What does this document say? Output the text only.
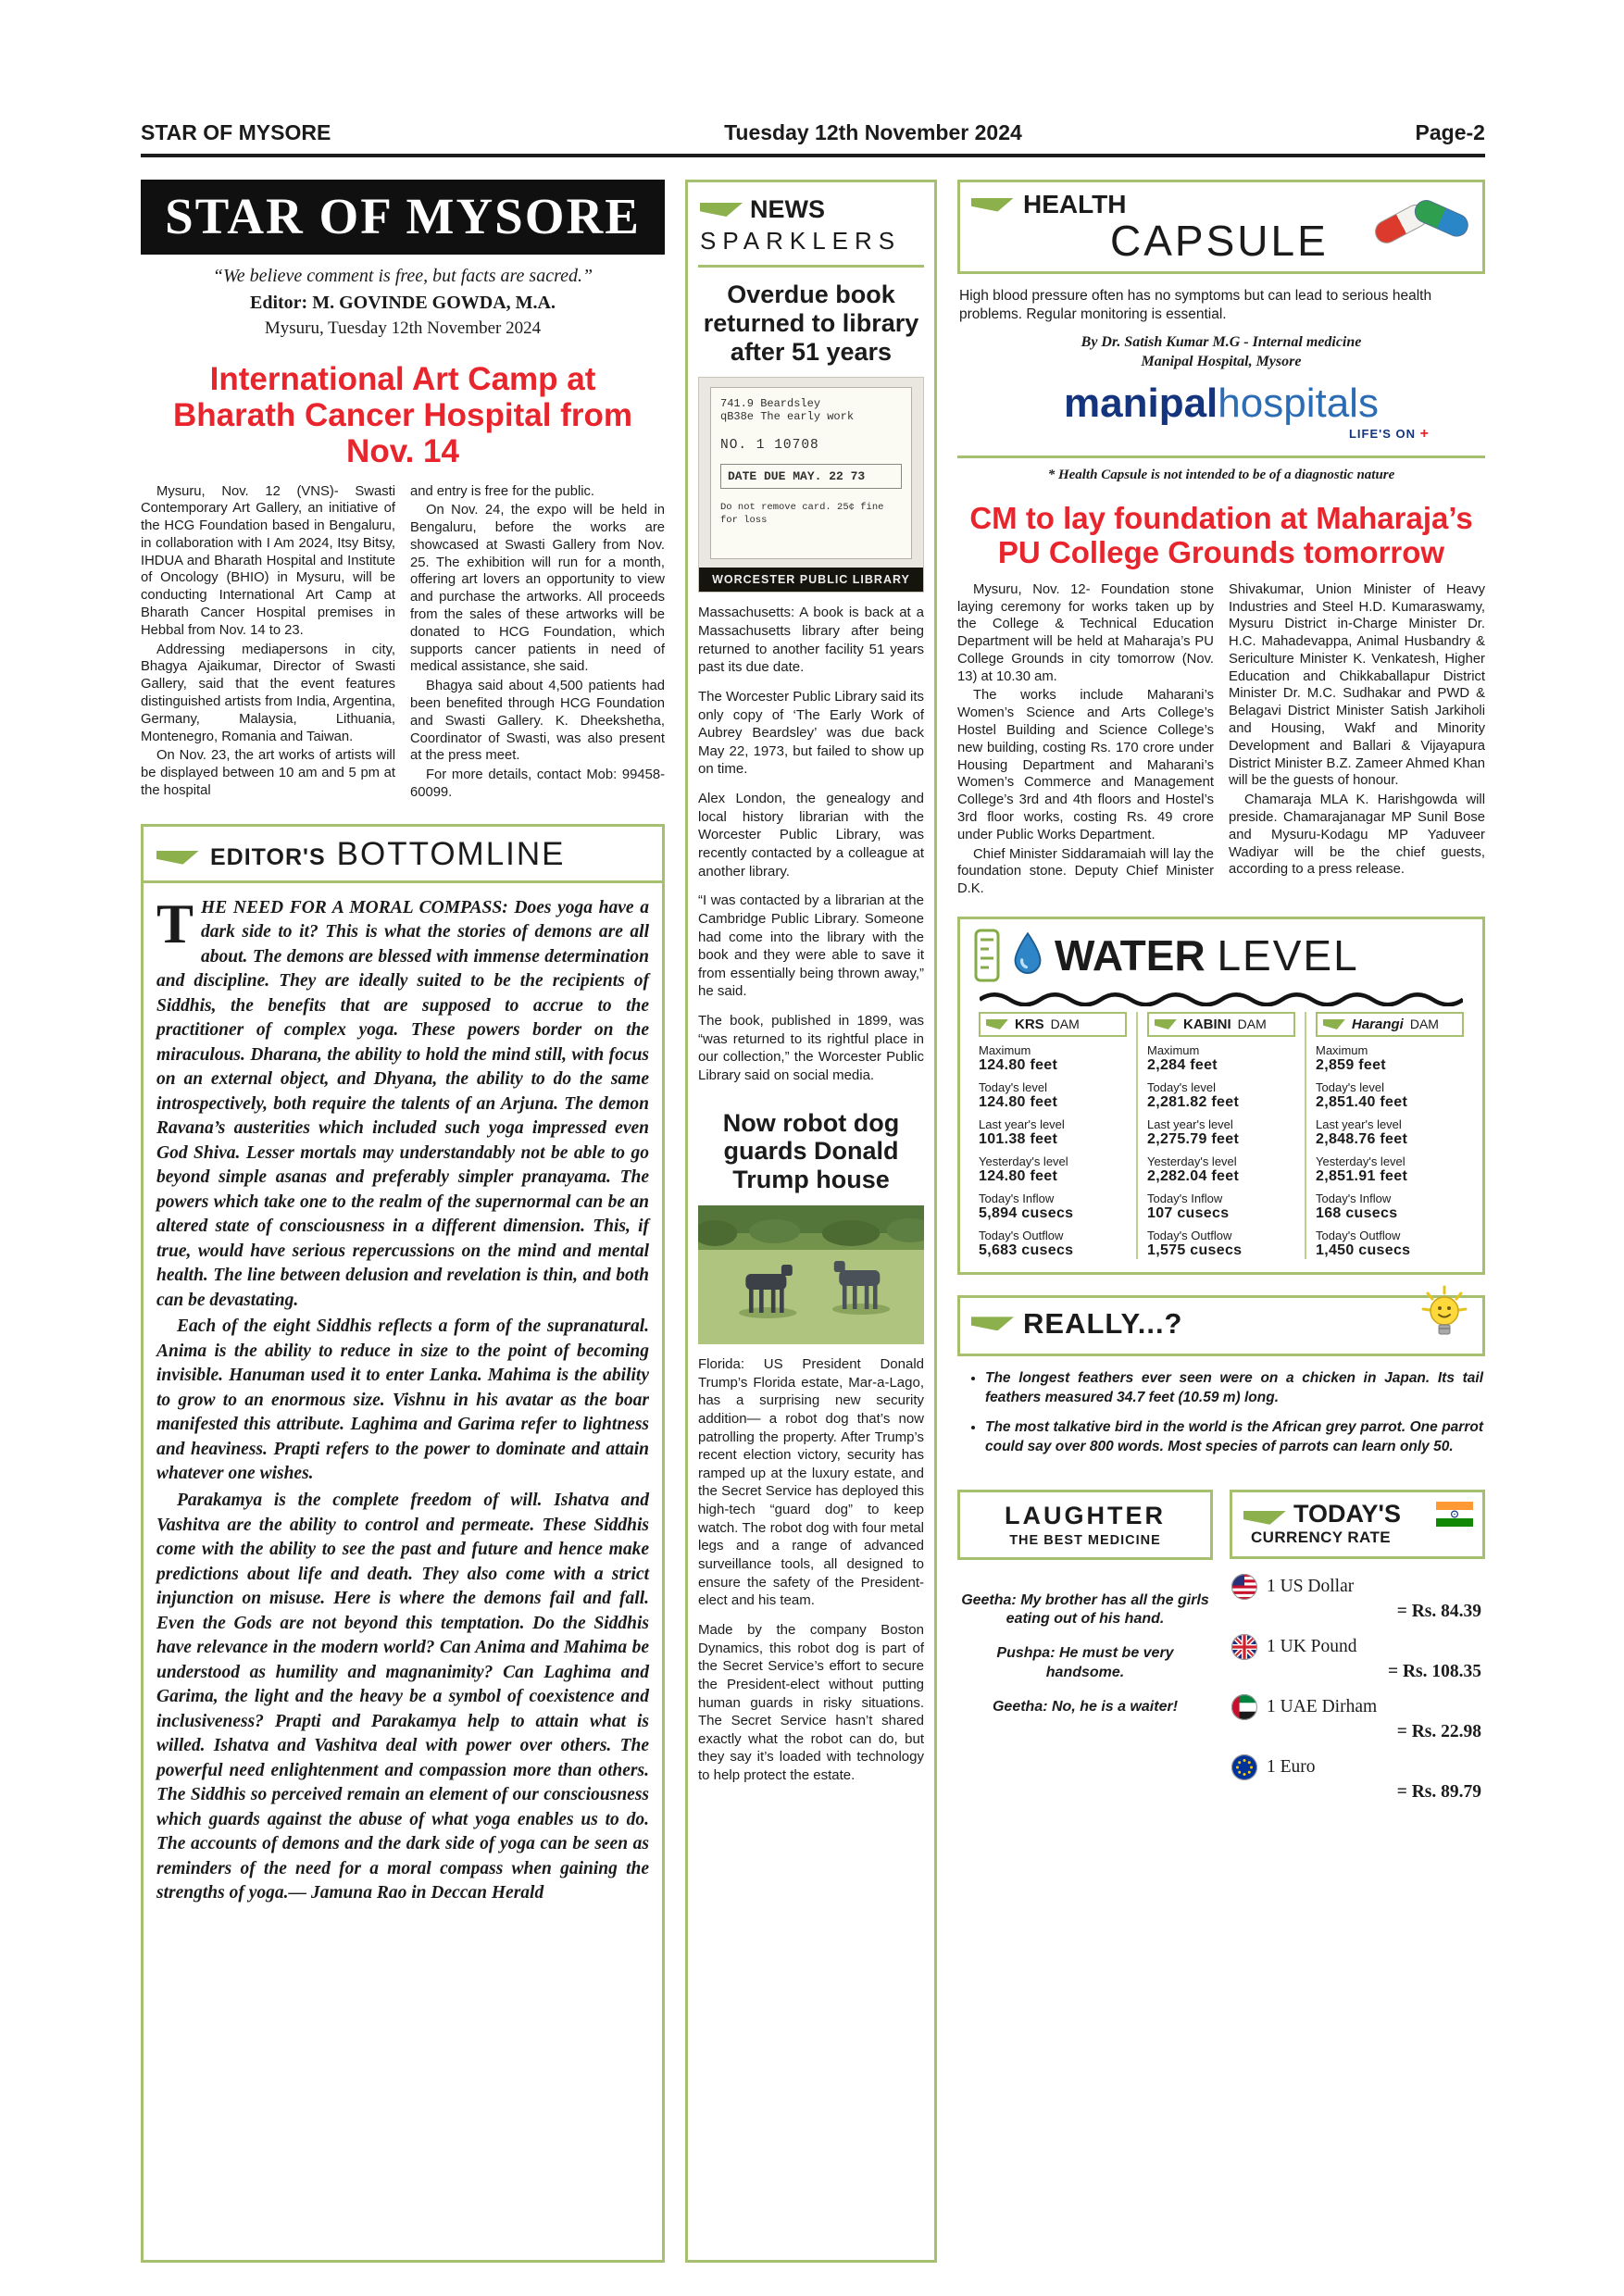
STAR OF MYSORE	Tuesday 12th November 2024	Page-2
STAR OF MYSORE
“We believe comment is free, but facts are sacred.”
Editor: M. GOVINDE GOWDA, M.A.
Mysuru, Tuesday 12th November 2024
International Art Camp at Bharath Cancer Hospital from Nov. 14

Mysuru, Nov. 12 (VNS)- Swasti Contemporary Art Gallery, an initiative of the HCG Foundation based in Bengaluru, in collaboration with I Am 2024, Itsy Bitsy, IHDUA and Bharath Hospital and Institute of Oncology (BHIO) in Mysuru, will be conducting International Art Camp at Bharath Cancer Hospital premises in Hebbal from Nov. 14 to 23.

Addressing mediapersons in city, Bhagya Ajaikumar, Director of Swasti Gallery, said that the event features distinguished artists from India, Argentina, Germany, Malaysia, Lithuania, Montenegro, Romania and Taiwan.

On Nov. 23, the art works of artists will be displayed between 10 am and 5 pm at the hospital

and entry is free for the public.

On Nov. 24, the expo will be held in Bengaluru, before the works are showcased at Swasti Gallery from Nov. 25. The exhibition will run for a month, offering art lovers an opportunity to view and purchase the artworks. All proceeds from the sales of these artworks will be donated to HCG Foundation, which supports cancer patients in need of medical assistance, she said.

Bhagya said about 4,500 patients had been benefited through HCG Foundation and Swasti Gallery. K. Dheekshetha, Coordinator of Swasti, was also present at the press meet.

For more details, contact Mob: 99458-60099.

EDITOR'S BOTTOMLINE

THE NEED FOR A MORAL COMPASS: Does yoga have a dark side to it? This is what the stories of demons are all about. The demons are blessed with immense determination and discipline. They are ideally suited to be the recipients of Siddhis, the benefits that are supposed to accrue to the practitioner of complex yoga. These powers border on the miraculous. Dharana, the ability to hold the mind still, with focus on an external object, and Dhyana, the ability to do the same introspectively, both require the talents of an Arjuna. The demon Ravana’s austerities which included such yoga impressed even God Shiva. Lesser mortals may understandably not be able to go beyond simple asanas and preferably simpler pranayama. The powers which take one to the realm of the supernormal can be an altered state of consciousness in a different dimension. This, if true, would have serious repercussions on the mind and mental health. The line between delusion and revelation is thin, and both can be devastating.

Each of the eight Siddhis reflects a form of the supranatural. Anima is the ability to reduce in size to the point of becoming invisible. Hanuman used it to enter Lanka. Mahima is the ability to grow to an enormous size. Vishnu in his avatar as the boar manifested this attribute. Laghima and Garima refer to lightness and heaviness. Prapti refers to the power to dominate and attain whatever one wishes.

Parakamya is the complete freedom of will. Ishatva and Vashitva are the ability to control and permeate. These Siddhis come with the ability to see the past and future and hence make predictions about life and death. They also come with a strict injunction on misuse. Here is where the demons fail and fall. Even the Gods are not beyond this temptation. Do the Siddhis have relevance in the modern world? Can Anima and Mahima be understood as humility and magnanimity? Can Laghima and Garima, the light and the heavy be a symbol of coexistence and inclusiveness? Prapti and Parakamya help to attain what is willed. Ishatva and Vashitva deal with power over others. The powerful need enlightenment and compassion more than others. The Siddhis so perceived remain an element of our consciousness which guards against the abuse of what yoga enables us to do. The accounts of demons and the dark side of yoga can be seen as reminders of the need for a moral compass when gaining the strengths of yoga.— Jamuna Rao in Deccan Herald

NEWS
SPARKLERS
Overdue book returned to library after 51 years
741.9 Beardsley
qB38e The early work
NO. 1 10708
DATE DUE MAY. 22 73
Do not remove card. 25¢ fine for loss
WORCESTER PUBLIC LIBRARY

Massachusetts: A book is back at a Massachusetts library after being returned to another facility 51 years past its due date.

The Worcester Public Library said its only copy of ‘The Early Work of Aubrey Beardsley’ was due back May 22, 1973, but failed to show up on time.

Alex London, the genealogy and local history librarian with the Worcester Public Library, was recently contacted by a colleague at another library.

“I was contacted by a librarian at the Cambridge Public Library. Someone had come into the library with the book and they were able to save it from essentially being thrown away,” he said.

The book, published in 1899, was “was returned to its rightful place in our collection,” the Worcester Public Library said on social media.

Now robot dog guards Donald Trump house

Florida: US President Donald Trump’s Florida estate, Mar-a-Lago, has a surprising new security addition— a robot dog that’s now patrolling the property. After Trump’s recent election victory, security has ramped up at the luxury estate, and the Secret Service has deployed this high-tech “guard dog” to keep watch. The robot dog with four metal legs and a range of advanced surveillance tools, all designed to ensure the safety of the President-elect and his team.

Made by the company Boston Dynamics, this robot dog is part of the Secret Service’s effort to secure the President-elect without putting human guards in risky situations. The Secret Service hasn’t shared exactly what the robot can do, but they say it’s loaded with technology to help protect the estate.

HEALTH
CAPSULE

High blood pressure often has no symptoms but can lead to serious health problems. Regular monitoring is essential.

By Dr. Satish Kumar M.G - Internal medicine
Manipal Hospital, Mysore
manipalhospitals
LIFE'S ON +
* Health Capsule is not intended to be of a diagnostic nature
CM to lay foundation at Maharaja’s
PU College Grounds tomorrow

Mysuru, Nov. 12- Foundation stone laying ceremony for works taken up by the College & Technical Education Department will be held at Maharaja’s PU College Grounds in city tomorrow (Nov. 13) at 10.30 am.

The works include Maharani’s Women’s Science and Arts College’s Hostel Building and Science College’s new building, costing Rs. 170 crore under Housing Department and Maharani’s Women’s Commerce and Management College’s 3rd and 4th floors and Hostel’s 3rd floor works, costing Rs. 49 crore under Public Works Department.

Chief Minister Siddaramaiah will lay the foundation stone. Deputy Chief Minister D.K.

Shivakumar, Union Minister of Heavy Industries and Steel H.D. Kumaraswamy, Mysuru District in-Charge Minister Dr. H.C. Mahadevappa, Animal Husbandry & Sericulture Minister K. Venkatesh, Higher Education and Chikkaballapur District Minister Dr. M.C. Sudhakar and PWD & Belagavi District Minister Satish Jarkiholi and Housing, Wakf and Minority Development and Ballari & Vijayapura District Minister B.Z. Zameer Ahmed Khan will be the guests of honour.

Chamaraja MLA K. Harishgowda will preside. Chamarajanagar MP Sunil Bose and Mysuru-Kodagu MP Yaduveer Wadiyar will be the chief guests, according to a press release.

WATER LEVEL
KRS DAM
Maximum
124.80 feet
Today's level
124.80 feet
Last year's level
101.38 feet
Yesterday's level
124.80 feet
Today's Inflow
5,894 cusecs
Today's Outflow
5,683 cusecs
KABINI DAM
Maximum
2,284 feet
Today's level
2,281.82 feet
Last year's level
2,275.79 feet
Yesterday's level
2,282.04 feet
Today's Inflow
107 cusecs
Today's Outflow
1,575 cusecs
Harangi DAM
Maximum
2,859 feet
Today's level
2,851.40 feet
Last year's level
2,848.76 feet
Yesterday's level
2,851.91 feet
Today's Inflow
168 cusecs
Today's Outflow
1,450 cusecs
REALLY...?
• The longest feathers ever seen were on a chicken in Japan. Its tail feathers measured 34.7 feet (10.59 m) long.
• The most talkative bird in the world is the African grey parrot. One parrot could say over 800 words. Most species of parrots can learn only 50.
LAUGHTER
THE BEST MEDICINE

Geetha: My brother has all the girls eating out of his hand.

Pushpa: He must be very handsome.

Geetha: No, he is a waiter!

TODAY'S
CURRENCY RATE
1 US Dollar
= Rs. 84.39
1 UK Pound
= Rs. 108.35
1 UAE Dirham
= Rs. 22.98
1 Euro
= Rs. 89.79
